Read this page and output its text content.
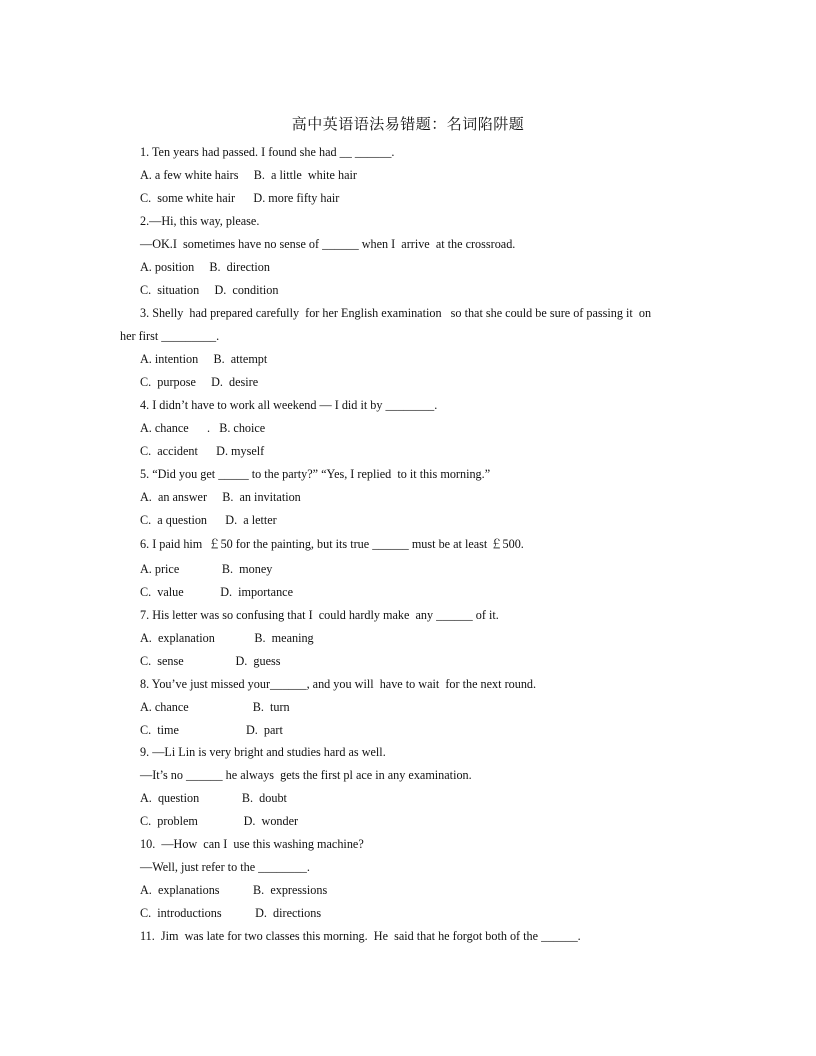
高中英语语法易错题：名词陷阱题
1. Ten years had passed. I found she had __ ______.
A. a few white hairs     B.  a little  white hair
C.  some white hair      D. more fifty hair
2.—Hi, this way, please.
—OK.I  sometimes have no sense of ______ when I  arrive  at the crossroad.
A. position     B.  direction
C.  situation     D.  condition
3. Shelly  had prepared carefully  for her English examination   so that she could be sure of passing it  on
her first _________.
A. intention     B.  attempt
C.  purpose     D.  desire
4. I didn’t have to work all weekend — I did it by ________.
A. chance      .   B. choice
C.  accident      D. myself
5. “Did you get _____ to the party?” “Yes, I replied  to it this morning.”
A.  an answer     B.  an invitation
C.  a question      D.  a letter
6. I paid him  ￡50 for the painting, but its true ______ must be at least ￡500.
A. price              B.  money
C.  value            D.  importance
7. His letter was so confusing that I  could hardly make  any ______ of it.
A.  explanation             B.  meaning
C.  sense                 D.  guess
8. You’ve just missed your______, and you will  have to wait  for the next round.
A. chance                     B.  turn
C.  time                      D.  part
9. —Li Lin is very bright and studies hard as well.
—It’s no ______ he always  gets the first pl ace in any examination.
A.  question              B.  doubt
C.  problem               D.  wonder
10.  —How  can I  use this washing machine?
—Well, just refer to the ________.
A.  explanations           B.  expressions
C.  introductions           D.  directions
11.  Jim  was late for two classes this morning.  He  said that he forgot both of the ______.
